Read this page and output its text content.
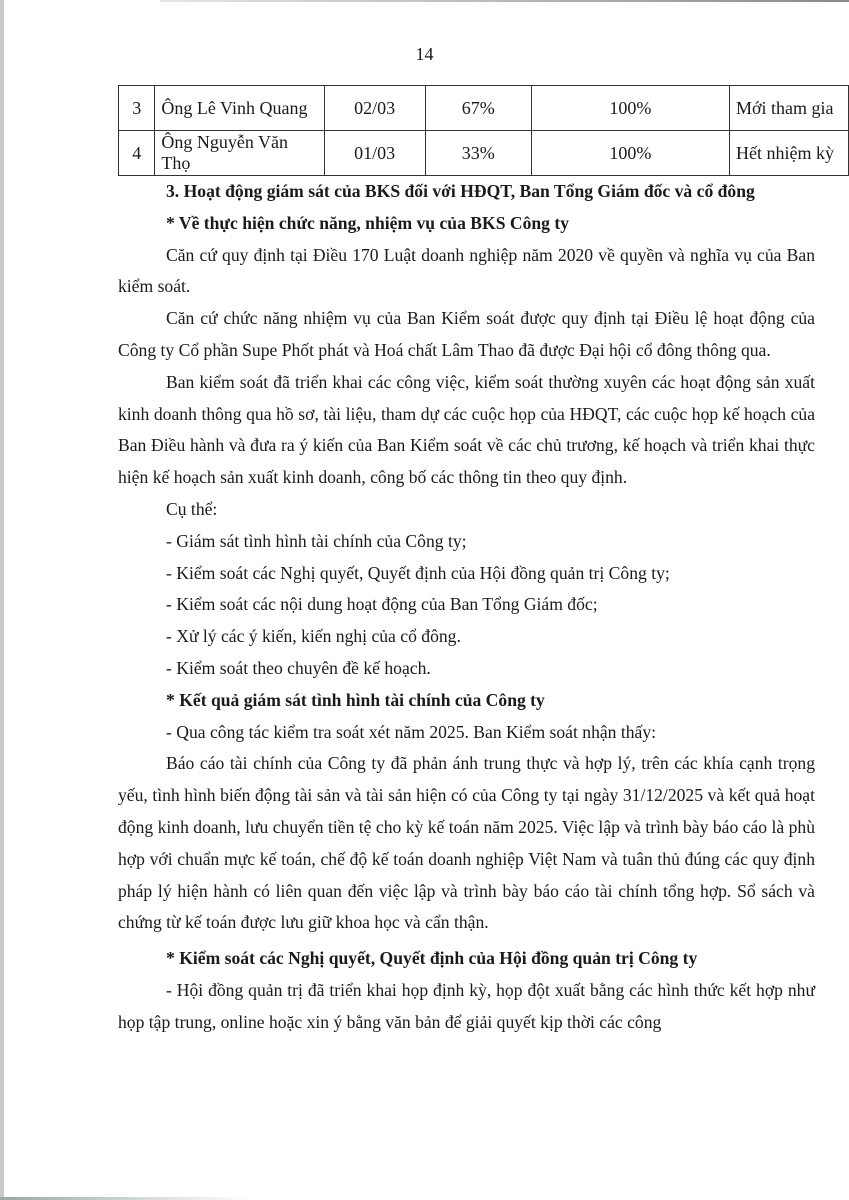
14
3	Ông Lê Vinh Quang	02/03	67%	100%	Mới tham gia
4	Ông Nguyễn Văn Thọ	01/03	33%	100%	Hết nhiệm kỳ

3. Hoạt động giám sát của BKS đối với HĐQT, Ban Tổng Giám đốc và cổ đông

* Về thực hiện chức năng, nhiệm vụ của BKS Công ty

Căn cứ quy định tại Điều 170 Luật doanh nghiệp năm 2020 về quyền và nghĩa vụ của Ban kiểm soát.

Căn cứ chức năng nhiệm vụ của Ban Kiểm soát được quy định tại Điều lệ hoạt động của Công ty Cổ phần Supe Phốt phát và Hoá chất Lâm Thao đã được Đại hội cổ đông thông qua.

Ban kiểm soát đã triển khai các công việc, kiểm soát thường xuyên các hoạt động sản xuất kinh doanh thông qua hồ sơ, tài liệu, tham dự các cuộc họp của HĐQT, các cuộc họp kế hoạch của Ban Điều hành và đưa ra ý kiến của Ban Kiểm soát về các chủ trương, kế hoạch và triển khai thực hiện kế hoạch sản xuất kinh doanh, công bố các thông tin theo quy định.

Cụ thể:

- Giám sát tình hình tài chính của Công ty;

- Kiểm soát các Nghị quyết, Quyết định của Hội đồng quản trị Công ty;

- Kiểm soát các nội dung hoạt động của Ban Tổng Giám đốc;

- Xử lý các ý kiến, kiến nghị của cổ đông.

- Kiểm soát theo chuyên đề kế hoạch.

* Kết quả giám sát tình hình tài chính của Công ty

- Qua công tác kiểm tra soát xét năm 2025. Ban Kiểm soát nhận thấy:

Báo cáo tài chính của Công ty đã phản ánh trung thực và hợp lý, trên các khía cạnh trọng yếu, tình hình biến động tài sản và tài sản hiện có của Công ty tại ngày 31/12/2025 và kết quả hoạt động kinh doanh, lưu chuyển tiền tệ cho kỳ kế toán năm 2025. Việc lập và trình bày báo cáo là phù hợp với chuẩn mực kế toán, chế độ kế toán doanh nghiệp Việt Nam và tuân thủ đúng các quy định pháp lý hiện hành có liên quan đến việc lập và trình bày báo cáo tài chính tổng hợp. Sổ sách và chứng từ kế toán được lưu giữ khoa học và cẩn thận.

* Kiểm soát các Nghị quyết, Quyết định của Hội đồng quản trị Công ty

- Hội đồng quản trị đã triển khai họp định kỳ, họp đột xuất bằng các hình thức kết hợp như họp tập trung, online hoặc xin ý bằng văn bản để giải quyết kịp thời các công
